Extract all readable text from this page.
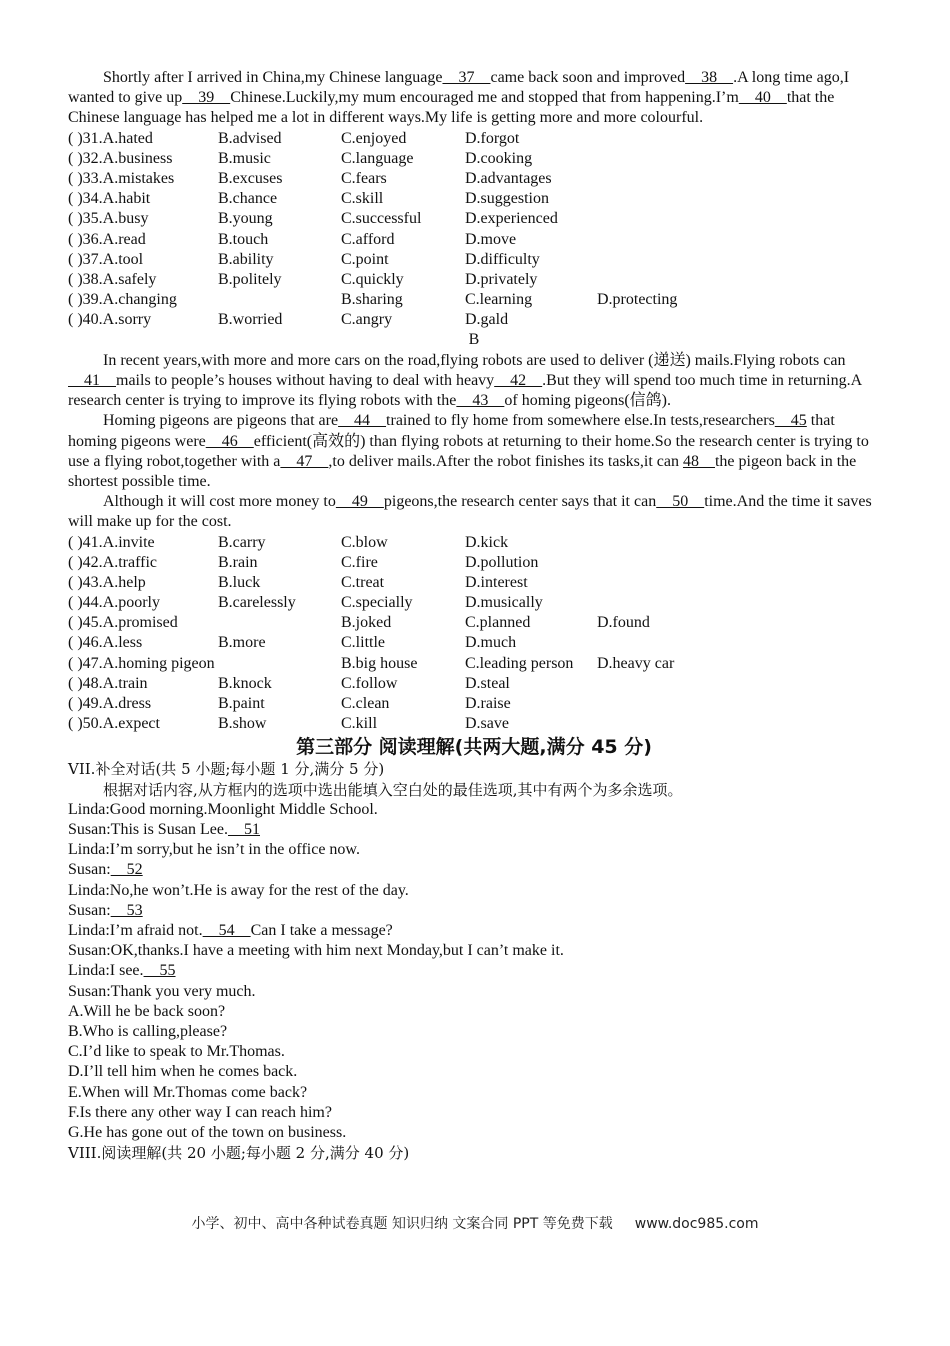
Shortly after I arrived in China,my Chinese language    37    came back soon and improved    38    .A long time ago,I wanted to give up    39    Chinese.Luckily,my mum encouraged me and stopped that from happening.I’m    40    that the Chinese language has helped me a lot in different ways.My life is getting more and more colourful.

( )31.A.hated	B.advised	C.enjoyed	D.forgot
( )32.A.business	B.music	C.language	D.cooking
( )33.A.mistakes	B.excuses	C.fears	D.advantages
( )34.A.habit	B.chance	C.skill	D.suggestion
( )35.A.busy	B.young	C.successful	D.experienced
( )36.A.read	B.touch	C.afford	D.move
( )37.A.tool	B.ability	C.point	D.difficulty
( )38.A.safely	B.politely	C.quickly	D.privately
( )39.A.changing	B.sharing	C.learning	D.protecting
( )40.A.sorry	B.worried	C.angry	D.gald
B

In recent years,with more and more cars on the road,flying robots are used to deliver (递送) mails.Flying robots can    41    mails to people’s houses without having to deal with heavy    42    .But they will spend too much time in returning.A research center is trying to improve its flying robots with the    43    of homing pigeons(信鸽).

Homing pigeons are pigeons that are    44    trained to fly home from somewhere else.In tests,researchers    45 that homing pigeons were    46    efficient(高效的) than flying robots at returning to their home.So the research center is trying to use a flying robot,together with a    47    ,to deliver mails.After the robot finishes its tasks,it can 48    the pigeon back in the shortest possible time.

Although it will cost more money to    49    pigeons,the research center says that it can    50    time.And the time it saves will make up for the cost.

( )41.A.invite	B.carry	C.blow	D.kick
( )42.A.traffic	B.rain	C.fire	D.pollution
( )43.A.help	B.luck	C.treat	D.interest
( )44.A.poorly	B.carelessly	C.specially	D.musically
( )45.A.promised	B.joked	C.planned	D.found
( )46.A.less	B.more	C.little	D.much
( )47.A.homing pigeon	B.big house	C.leading person	D.heavy car
( )48.A.train	B.knock	C.follow	D.steal
( )49.A.dress	B.paint	C.clean	D.raise
( )50.A.expect	B.show	C.kill	D.save
第三部分 阅读理解(共两大题,满分 45 分)
VII.补全对话(共 5 小题;每小题 1 分,满分 5 分)
根据对话内容,从方框内的选项中选出能填入空白处的最佳选项,其中有两个为多余选项。
Linda:Good morning.Moonlight Middle School.
Susan:This is Susan Lee.    51
Linda:I’m sorry,but he isn’t in the office now.
Susan:    52
Linda:No,he won’t.He is away for the rest of the day.
Susan:    53
Linda:I’m afraid not.    54    Can I take a message?
Susan:OK,thanks.I have a meeting with him next Monday,but I can’t make it.
Linda:I see.    55
Susan:Thank you very much.
A.Will he be back soon?
B.Who is calling,please?
C.I’d like to speak to Mr.Thomas.
D.I’ll tell him when he comes back.
E.When will Mr.Thomas come back?
F.Is there any other way I can reach him?
G.He has gone out of the town on business.
VIII.阅读理解(共 20 小题;每小题 2 分,满分 40 分)
小学、初中、高中各种试卷真题 知识归纳 文案合同 PPT 等免费下载 www.doc985.com
